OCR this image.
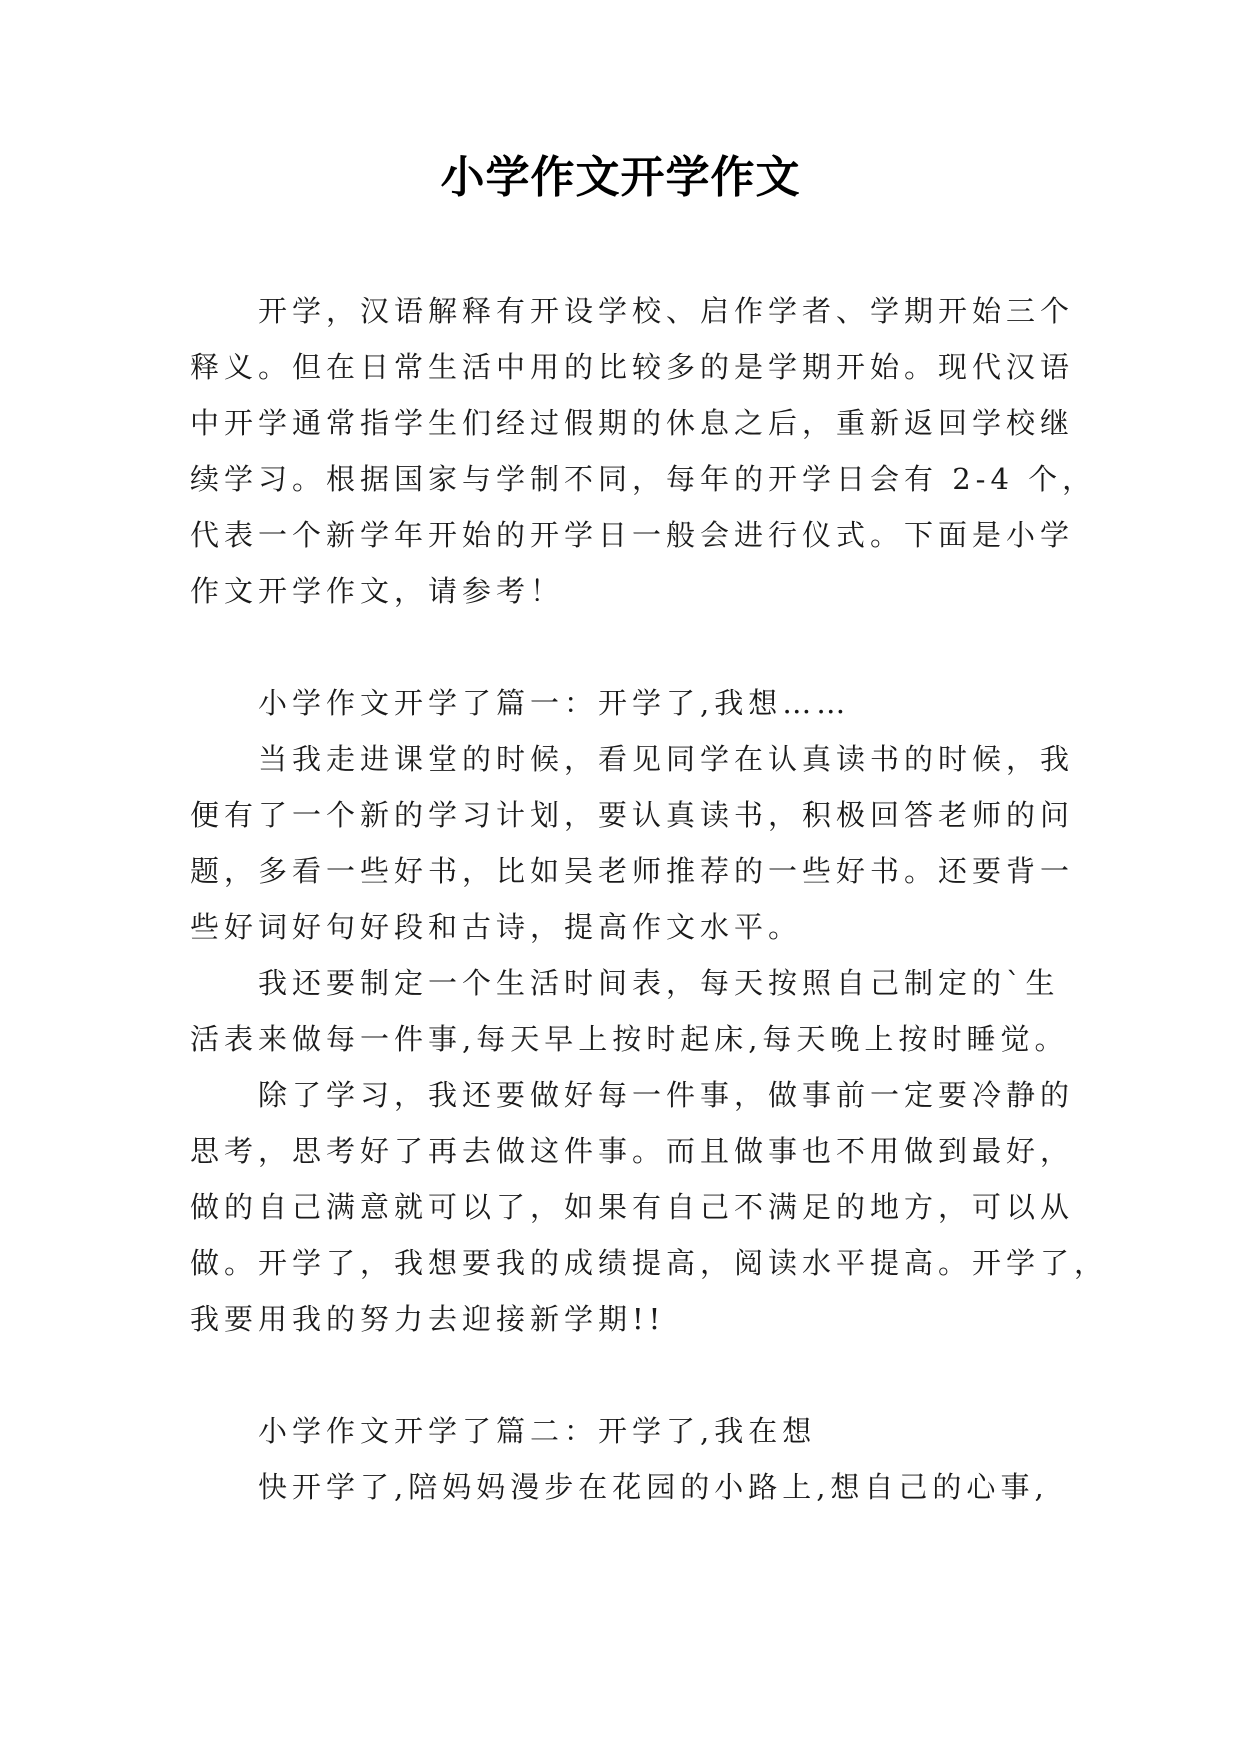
小学作文开学作文
开学，汉语解释有开设学校、启作学者、学期开始三个
释义。但在日常生活中用的比较多的是学期开始。现代汉语
中开学通常指学生们经过假期的休息之后，重新返回学校继
续学习。根据国家与学制不同，每年的开学日会有 2-4 个，
代表一个新学年开始的开学日一般会进行仪式。下面是小学
作文开学作文，请参考！
小学作文开学了篇一：开学了,我想……
当我走进课堂的时候，看见同学在认真读书的时候，我
便有了一个新的学习计划，要认真读书，积极回答老师的问
题，多看一些好书，比如吴老师推荐的一些好书。还要背一
些好词好句好段和古诗，提高作文水平。
我还要制定一个生活时间表，每天按照自己制定的`生
活表来做每一件事,每天早上按时起床,每天晚上按时睡觉。
除了学习，我还要做好每一件事，做事前一定要冷静的
思考，思考好了再去做这件事。而且做事也不用做到最好，
做的自己满意就可以了，如果有自己不满足的地方，可以从
做。开学了，我想要我的成绩提高，阅读水平提高。开学了，
我要用我的努力去迎接新学期!!
小学作文开学了篇二：开学了,我在想
快开学了,陪妈妈漫步在花园的小路上,想自己的心事,
